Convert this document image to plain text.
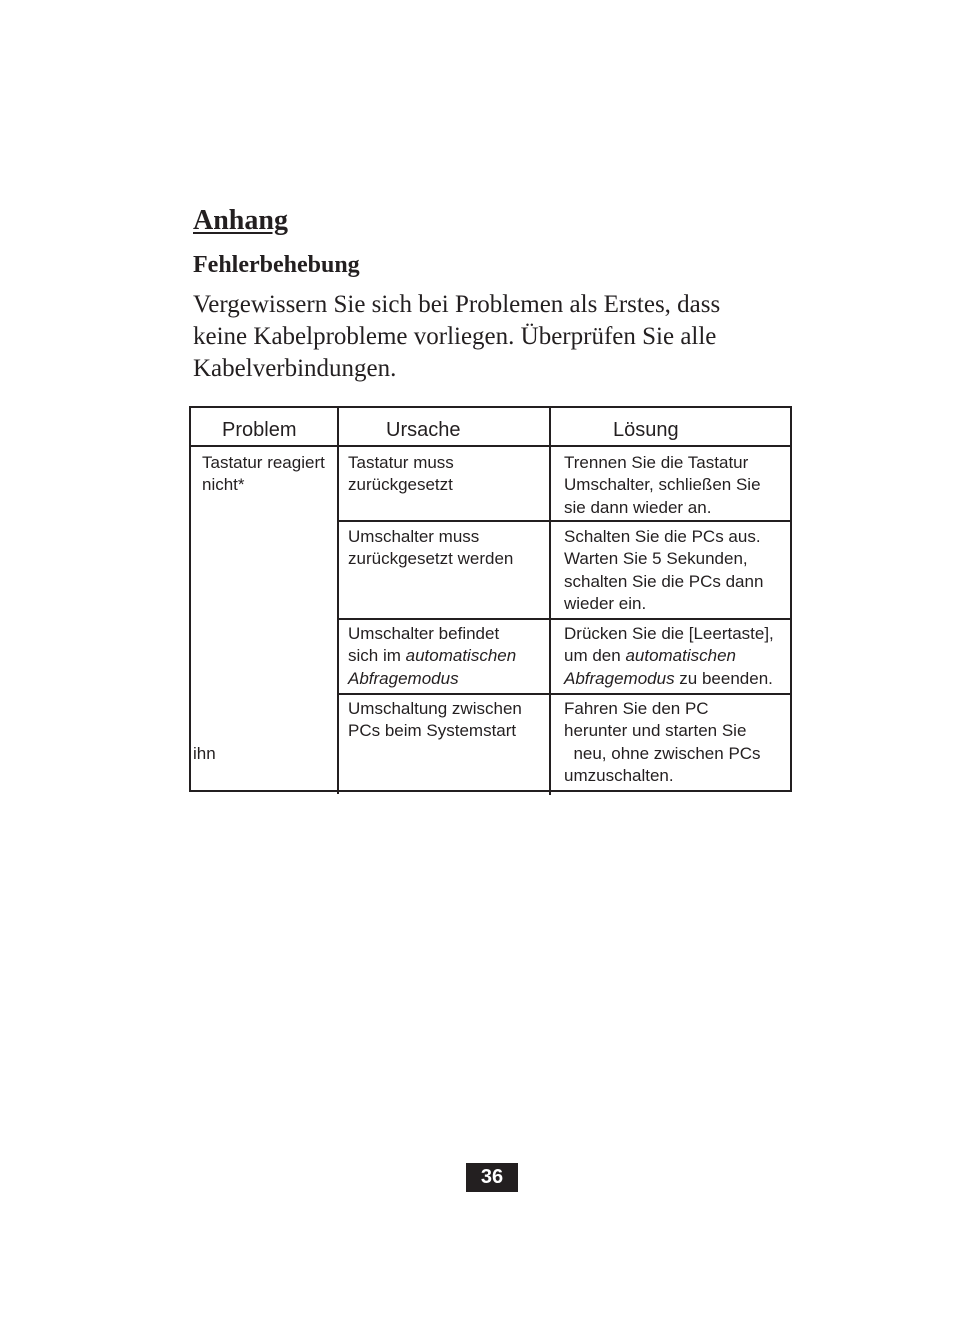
Anhang
Fehlerbehebung

Vergewissern Sie sich bei Problemen als Erstes, dass
keine Kabelprobleme vorliegen. Überprüfen Sie alle
Kabelverbindungen.

Problem	Ursache	Lösung
Tastatur reagiert
nicht*
ihn
Tastatur muss
zurückgesetzt
Trennen Sie die Tastatur
Umschalter, schließen Sie
sie dann wieder an.
Umschalter muss
zurückgesetzt werden
Schalten Sie die PCs aus.
Warten Sie 5 Sekunden,
schalten Sie die PCs dann
wieder ein.
Umschalter befindet
sich im automatischen
Abfragemodus
Drücken Sie die [Leertaste],
um den automatischen
Abfragemodus zu beenden.
Umschaltung zwischen
PCs beim Systemstart
Fahren Sie den PC
herunter und starten Sie
neu, ohne zwischen PCs
umzuschalten.
36
